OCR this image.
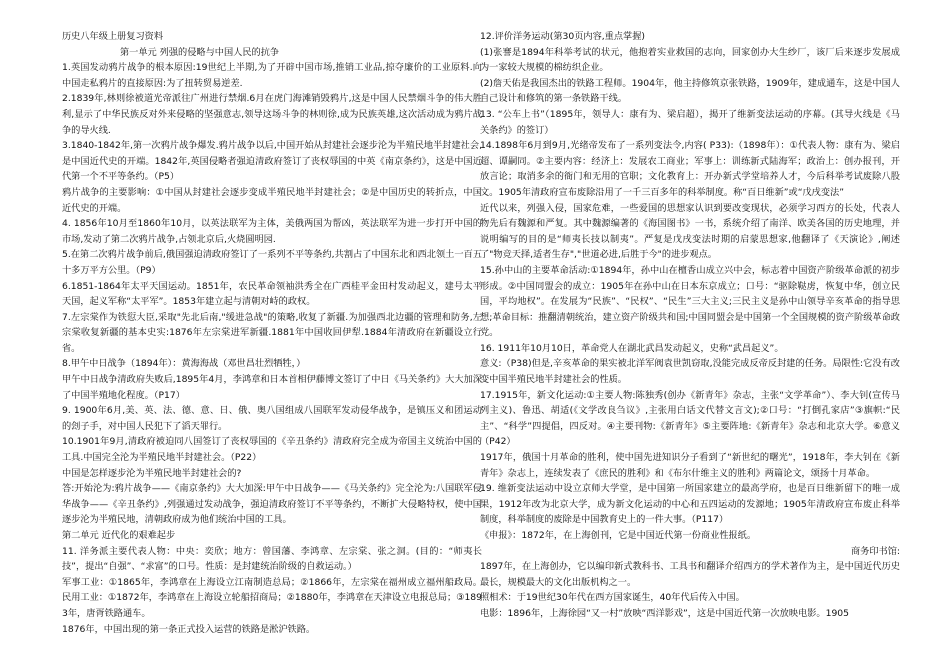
历史八年级上册复习资料

第一单元 列强的侵略与中国人民的抗争

1.英国发动鸦片战争的根本原因:19世纪上半期,为了开辟中国市场,推销工业品,掠夺廉价的工业原料.向中国走私鸦片的直接原因:为了扭转贸易逆差.

2.1839年,林则徐被道光帝派往广州进行禁烟.6月在虎门海滩销毁鸦片,这是中国人民禁烟斗争的伟大胜利,显示了中华民族反对外来侵略的坚强意志,领导这场斗争的林则徐,成为民族英雄,这次活动成为鸦片战争的导火线.

3.1840-1842年,第一次鸦片战争爆发.鸦片战争以后,中国开始从封建社会逐步沦为半殖民地半封建社会,是中国近代史的开端。1842年,英国侵略者强迫清政府签订了丧权辱国的中英《南京条约》，这是中国近代第一个不平等条约。（P5）

鸦片战争的主要影响：①中国从封建社会逐步变成半殖民地半封建社会；②是中国历史的转折点，中国近代史的开端。

4. 1856年10月至1860年10月，以英法联军为主体，美俄两国为帮凶，英法联军为进一步打开中国的市场,发动了第二次鸦片战争,占领北京后,火烧圆明园.

5.在第二次鸦片战争前后,俄国强迫清政府签订了一系列不平等条约,共割占了中国东北和西北领土一百五十多万平方公里。（P9）

6.1851-1864年太平天国运动。1851年，农民革命领袖洪秀全在广西桂平金田村发动起义，建号太平天国，起义军称“太平军”。1853年建立起与清朝对峙的政权。

7.左宗棠作为铁愆大臣,采取"先北后南,"缓进急战"的策略,收复了新疆.为加强西北边疆的管理和防务,左宗棠收复新疆的基本史实:1876年左宗棠进军新疆.1881年中国收回伊犁.1884年清政府在新疆设立行省。

8.甲午中日战争（1894年）：黄海海战（邓世昌壮烈牺牲，）

甲午中日战争清政府失败后,1895年4月，李鸿章和日本首相伊藤博文签订了中日《马关条约》大大加深了中国半殖地化程度。（P17）

9. 1900年6月,美、英、法、德、意、日、俄、奥八国组成八国联军发动侵华战争，是镇压义和团运动的刽子手，对中国人民犯下了滔天罪行。

10.1901年9月,清政府被迫同八国签订了丧权辱国的《辛丑条约》清政府完全成为帝国主义统治中国的工具.中国完全沦为半殖民地半封建社会。（P22）

中国是怎样逐步沦为半殖民地半封建社会的?

答:开始沦为:鸦片战争——《南京条约》大大加深:甲午中日战争——《马关条约》完全沦为:八国联军侵华战争——《辛丑条约》,列强通过发动战争，强迫清政府签订不平等条约，不断扩大侵略特权，使中国逐步沦为半殖民地，清朝政府成为他们统治中国的工具。

第二单元 近代化的艰难起步

11. 洋务派主要代表人物：中央：奕欣；地方：曾国藩、李鸿章、左宗棠、张之洞。(目的：“师夷长技”，提出“自强”、“求富”的口号。性质：是封建统治阶级的自救运动。）

军事工业：①1865年，李鸿章在上海设立江南制造总局；②1866年，左宗棠在福州成立福州船政局。民用工业：①1872年，李鸿章在上海设立轮船招商局；②1880年，李鸿章在天津设立电报总局；③1893年，唐胥铁路通车。

1876年，中国出现的第一条正式投入运营的铁路是淞沪铁路。

12.评价洋务运动(第30页内容,重点掌握)

(1)张謇是1894年科举考试的状元，他抱着实业救国的志向，回家创办大生纱厂，该厂后来逐步发展成为一家较大规模的棉纺织企业。

(2)詹天佑是我国杰出的铁路工程师。1904年，他主持修筑京张铁路，1909年，建成通车，这是中国人自己设计和修筑的第一条铁路干线。

13. “公车上书”（1895年，领导人：康有为、梁启超），揭开了维新变法运动的序幕。(其导火线是《马关条约》的签订）

14.1898年6月到9月,光绪帝发布了一系列变法令,内容( P33):（1898年）：①代表人物：康有为、梁启超、谭嗣同。②主要内容：经济上：发展农工商业；军事上：训练新式陆海军；政治上：创办报刊，开放言论；取消多余的衙门和无用的官职；文化教育上：开办新式学堂培养人才，今后科举考试废除八股文。1905年清政府宣布废除沿用了一千三百多年的科举制度。称“百日维新”或“戊戌变法”

近代以来，列强入侵，国家危难，一些爱国的思想家认识到要改变现状，必须学习西方的长处，代表人物先后有魏源和严复。其中魏源编著的《海国图书》一书，系统介绍了南洋、欧美各国的历史地理，并说明编写的目的是“师夷长技以制夷”。严复是戊戌变法时期的启蒙思想家,他翻译了《天演论》,阐述了"物竞天择,适者生存","世道必进,后胜于今"的进步观点。

15.孙中山的主要革命活动:①1894年，孙中山在檀香山成立兴中会，标志着中国资产阶级革命派的初步形成。②中国同盟会的成立：1905年在孙中山在日本东京成立；口号：“驱除鞑虏，恢复中华，创立民国，平均地权”。在发展为“民族”、“民权”、“民生”三大主义;三民主义是孙中山领导辛亥革命的指导思想;革命目标：推翻清朝统治，建立资产阶级共和国;中国同盟会是中国第一个全国规模的资产阶级革命政党。

16. 1911年10月10日，革命党人在湖北武昌发动起义，史称“武昌起义”。

意义:（P38)但是,辛亥革命的果实被北洋军阀袁世凯窃取,没能完成反帝反封建的任务。局限性:它没有改变中国半殖民地半封建社会的性质。

17.1915年，新文化运动:①主要人物:陈独秀(创办《新青年》杂志，主张“文学革命”）、李大钊(宣传马列主义)、鲁迅、胡适(《文学改良刍议》,主张用白话文代替文言文);②口号：“打倒孔家店”③旗帜:“民主”、“科学”四提倡，四反对。④主要刊物:《新青年》⑤主要阵地:《新青年》杂志和北京大学。⑥意义（P42）

1917年，俄国十月革命的胜利，使中国先进知识分子看到了“新世纪的曙光”，1918年，李大钊在《新青年》杂志上，连续发表了《庶民的胜利》和《布尔什维主义的胜利》两篇论文，颂扬十月革命。

19. 维新变法运动中设立京师大学堂，是中国第一所国家建立的最高学府，也是百日维新留下的唯一成果，1912年改为北京大学，成为新文化运动的中心和五四运动的发源地；1905年清政府宣布废止科举制度，科举制度的废除是中国教育史上的一件大事。（P117）

《申报》：1872年，在上海创刊，它是中国近代第一份商业性报纸。

商务印书馆:

1897年，在上海创办，它以编印新式教科书、工具书和翻译介绍西方的学术著作为主，是中国近代历史最长，规模最大的文化出版机构之一。

照相术：于19世纪30年代在西方国家诞生，40年代后传入中国。

电影：1896年，上海徐园“又一村”放映“西洋影戏”，这是中国近代第一次放映电影。1905
